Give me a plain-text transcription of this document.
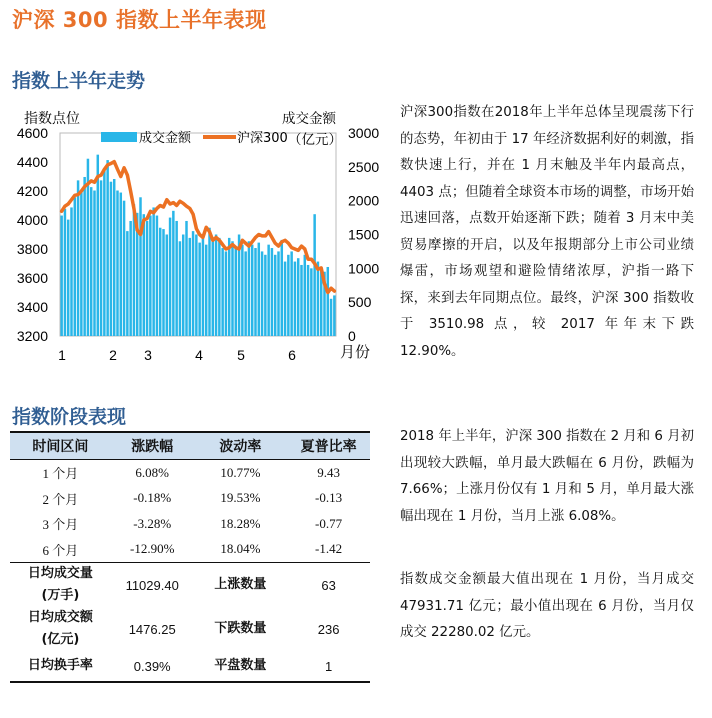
沪深 300 指数上半年表现
指数上半年走势
4600
4400
4200
4000
3800
3600
3400
3200
3000
2500
2000
1500
1000
500
0
1	2 3	4 5	6
指数点位	成交金额
（亿元）
月份
成交金额	沪深300
沪深300指数在2018年上半年总体呈现震荡下行的态势，年初由于 17 年经济数据利好的刺激，指数快速上行，并在 1 月末触及半年内最高点，4403 点；但随着全球资本市场的调整，市场开始迅速回落，点数开始逐渐下跌；随着 3 月末中美贸易摩擦的开启，以及年报期部分上市公司业绩爆雷，市场观望和避险情绪浓厚，沪指一路下探，来到去年同期点位。最终，沪深 300 指数收于 3510.98 点，较 2017 年年末下跌 12.90%。
指数阶段表现
时间区间	涨跌幅	波动率	夏普比率
1 个月	6.08%	10.77%	9.43
2 个月	-0.18%	19.53%	-0.13
3 个月	-3.28%	18.28%	-0.77
6 个月	-12.90%	18.04%	-1.42

日均成交量
(万手)	11029.40	上涨数量	63

日均成交额
(亿元)	1476.25	下跌数量	236

日均换手率	0.39%	平盘数量	1
2018 年上半年，沪深 300 指数在 2 月和 6 月初出现较大跌幅，单月最大跌幅在 6 月份，跌幅为 7.66%；上涨月份仅有 1 月和 5 月，单月最大涨幅出现在 1 月份，当月上涨 6.08%。
指数成交金额最大值出现在 1 月份，当月成交 47931.71 亿元；最小值出现在 6 月份，当月仅成交 22280.02 亿元。
